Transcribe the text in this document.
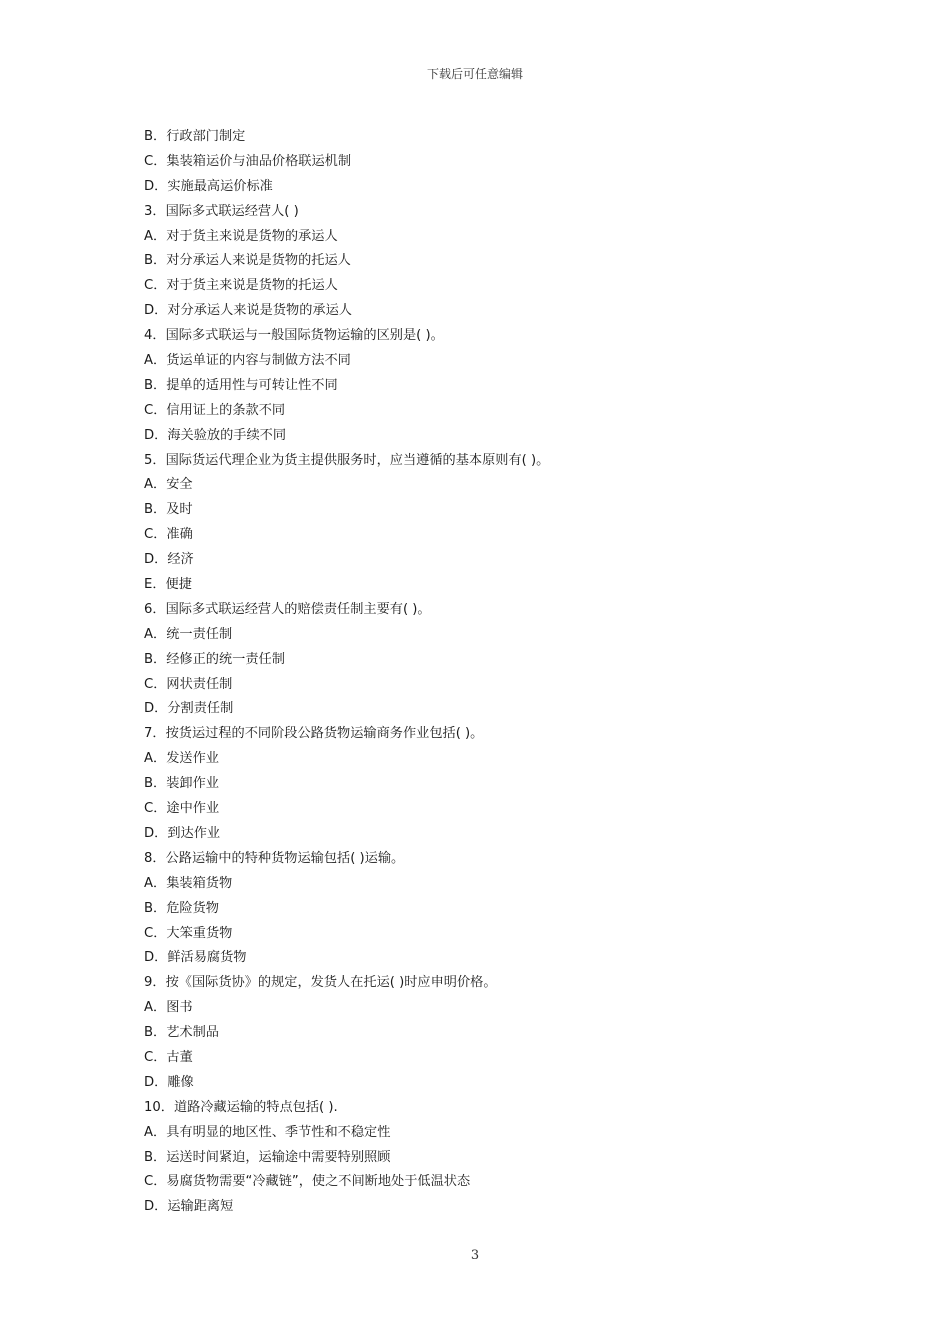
下载后可任意编辑
B．行政部门制定
C．集装箱运价与油品价格联运机制
D．实施最高运价标准
3．国际多式联运经营人( )
A．对于货主来说是货物的承运人
B．对分承运人来说是货物的托运人
C．对于货主来说是货物的托运人
D．对分承运人来说是货物的承运人
4．国际多式联运与一般国际货物运输的区别是( )。
A．货运单证的内容与制做方法不同
B．提单的适用性与可转让性不同
C．信用证上的条款不同
D．海关验放的手续不同
5．国际货运代理企业为货主提供服务时，应当遵循的基本原则有( )。
A．安全
B．及时
C．准确
D．经济
E．便捷
6．国际多式联运经营人的赔偿责任制主要有( )。
A．统一责任制
B．经修正的统一责任制
C．网状责任制
D．分割责任制
7．按货运过程的不同阶段公路货物运输商务作业包括( )。
A．发送作业
B．装卸作业
C．途中作业
D．到达作业
8．公路运输中的特种货物运输包括( )运输。
A．集装箱货物
B．危险货物
C．大笨重货物
D．鲜活易腐货物
9．按《国际货协》的规定，发货人在托运( )时应申明价格。
A．图书
B．艺术制品
C．古董
D．雕像
10．道路冷藏运输的特点包括( ).
A．具有明显的地区性、季节性和不稳定性
B．运送时间紧迫，运输途中需要特别照顾
C．易腐货物需要“冷藏链”，使之不间断地处于低温状态
D．运输距离短
3
